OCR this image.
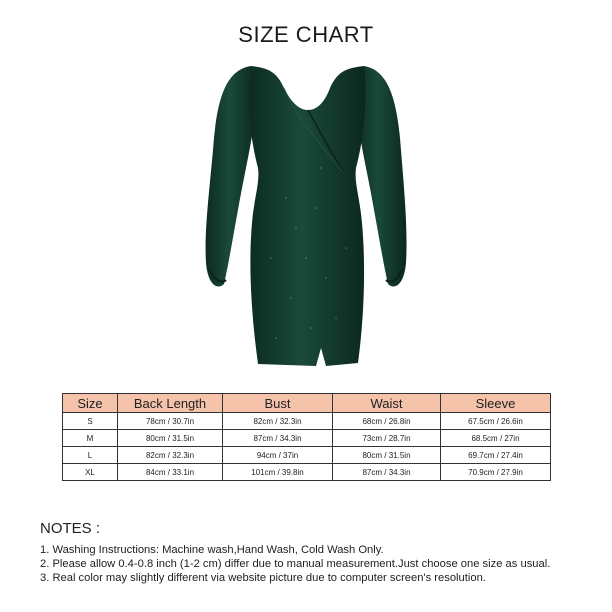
SIZE CHART
Size	Back Length	Bust	Waist	Sleeve
S	78cm / 30.7in	82cm / 32.3in	68cm / 26.8in	67.5cm / 26.6in
M	80cm / 31.5in	87cm / 34.3in	73cm / 28.7in	68.5cm / 27in
L	82cm / 32.3in	94cm / 37in	80cm / 31.5in	69.7cm / 27.4in
XL	84cm / 33.1in	101cm / 39.8in	87cm / 34.3in	70.9cm / 27.9in
NOTES :
1. Washing Instructions: Machine wash,Hand Wash, Cold Wash Only.
2. Please allow 0.4-0.8 inch (1-2 cm) differ due to manual measurement.Just choose one size as usual.
3. Real color may slightly different via website picture due to computer screen's resolution.
